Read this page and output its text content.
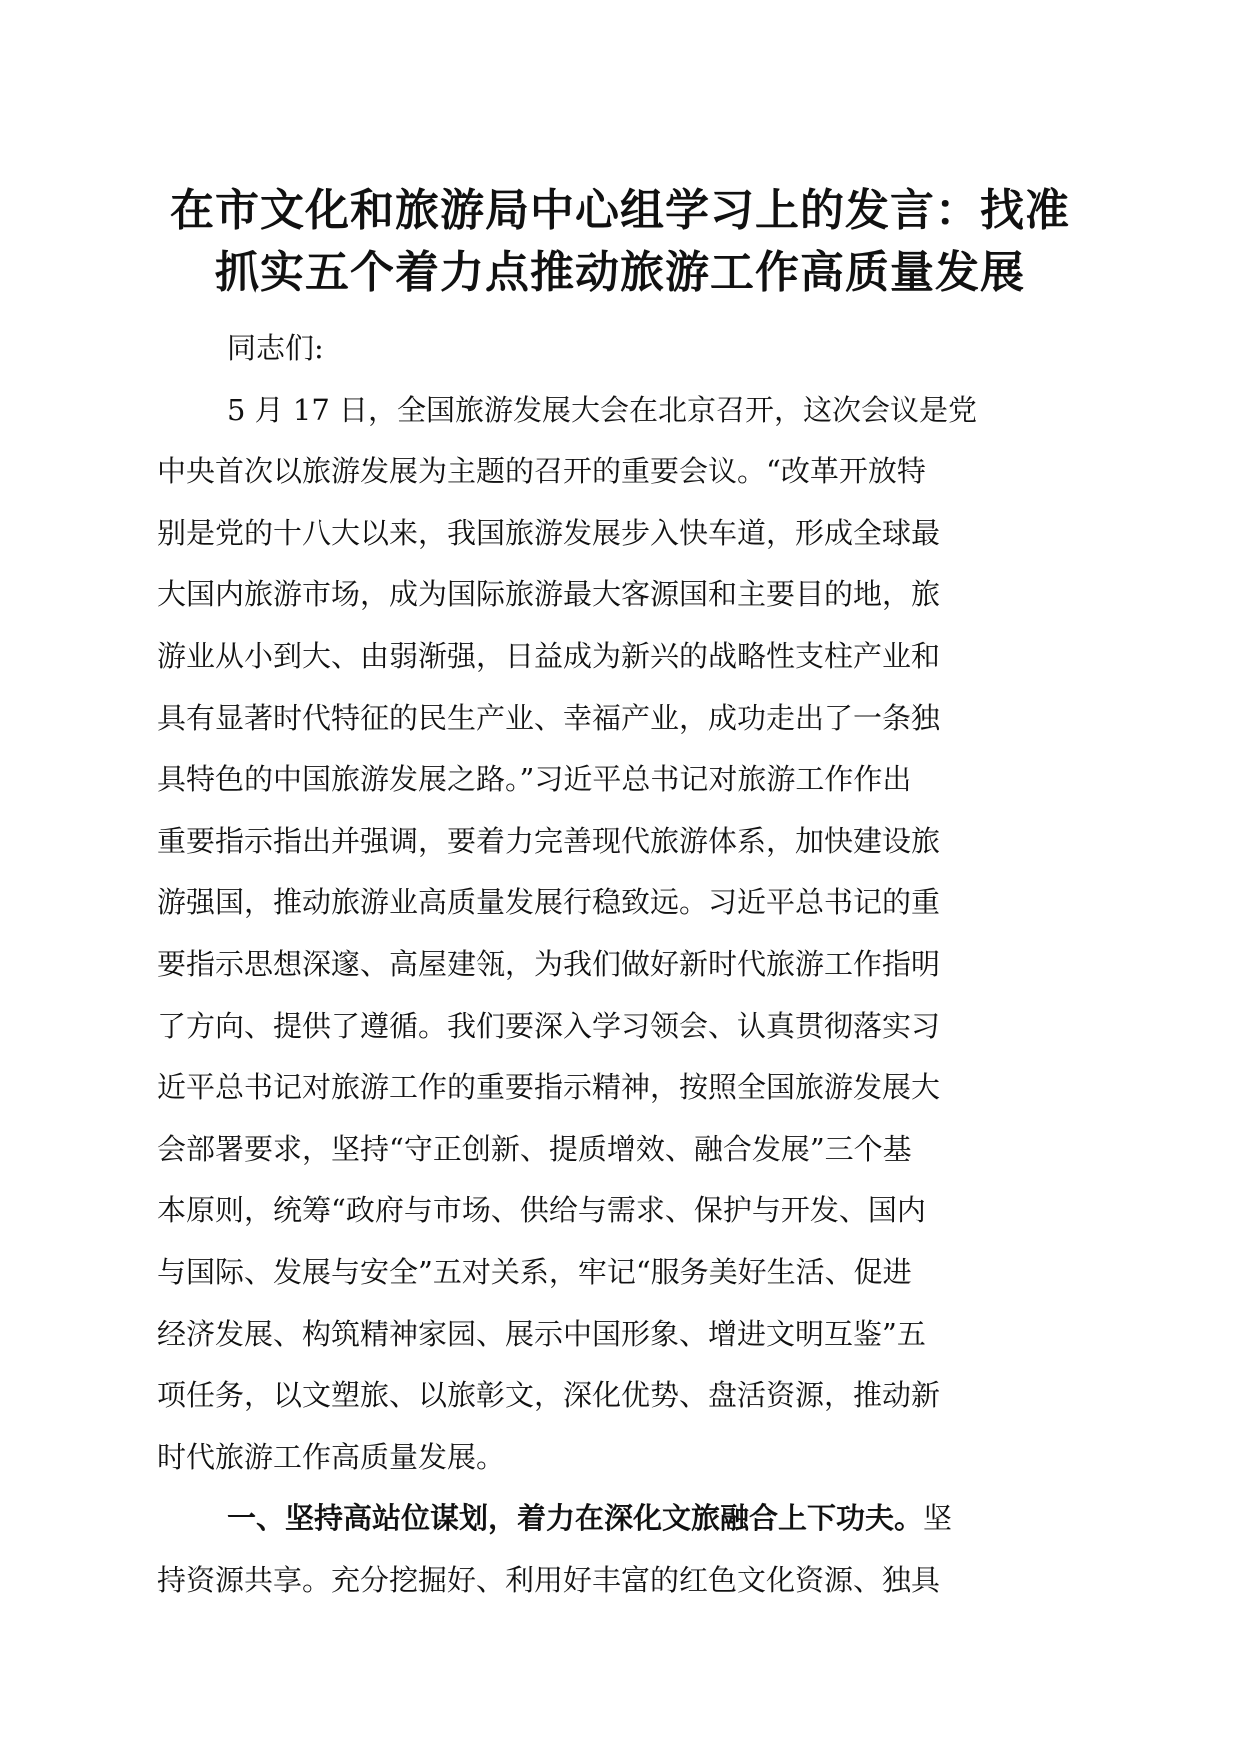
在市文化和旅游局中心组学习上的发言：找准
抓实五个着力点推动旅游工作高质量发展
同志们:
5 月 17 日，全国旅游发展大会在北京召开，这次会议是党
中央首次以旅游发展为主题的召开的重要会议。“改革开放特
别是党的十八大以来，我国旅游发展步入快车道，形成全球最
大国内旅游市场，成为国际旅游最大客源国和主要目的地，旅
游业从小到大、由弱渐强，日益成为新兴的战略性支柱产业和
具有显著时代特征的民生产业、幸福产业，成功走出了一条独
具特色的中国旅游发展之路。”习近平总书记对旅游工作作出
重要指示指出并强调，要着力完善现代旅游体系，加快建设旅
游强国，推动旅游业高质量发展行稳致远。习近平总书记的重
要指示思想深邃、高屋建瓴，为我们做好新时代旅游工作指明
了方向、提供了遵循。我们要深入学习领会、认真贯彻落实习
近平总书记对旅游工作的重要指示精神，按照全国旅游发展大
会部署要求，坚持“守正创新、提质增效、融合发展”三个基
本原则，统筹“政府与市场、供给与需求、保护与开发、国内
与国际、发展与安全”五对关系，牢记“服务美好生活、促进
经济发展、构筑精神家园、展示中国形象、增进文明互鉴”五
项任务，以文塑旅、以旅彰文，深化优势、盘活资源，推动新
时代旅游工作高质量发展。
一、坚持高站位谋划，着力在深化文旅融合上下功夫。坚
持资源共享。充分挖掘好、利用好丰富的红色文化资源、独具
